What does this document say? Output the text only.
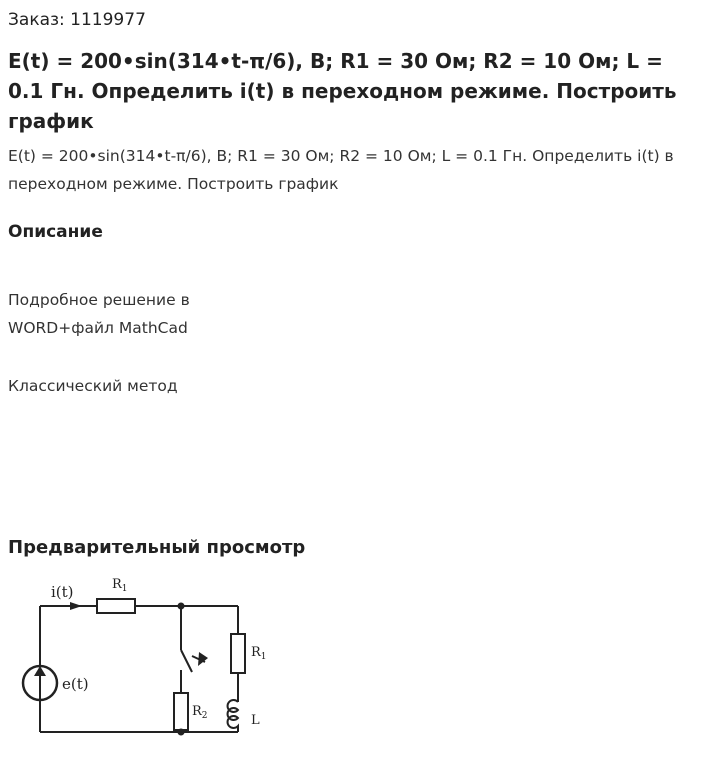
Заказ: 1119977
E(t) = 200•sin(314•t-π/6), В; R1 = 30 Ом; R2 = 10 Ом; L = 0.1 Гн. Определить i(t) в переходном режиме. Построить график
E(t) = 200•sin(314•t-π/6), В; R1 = 30 Ом; R2 = 10 Ом; L = 0.1 Гн. Определить i(t) в переходном режиме. Построить график
Описание
Подробное решение в
WORD+файл MathCad
Классический метод
Предварительный просмотр
i(t)
e(t)
$R_1$
$R_1$
$R_2$	L
